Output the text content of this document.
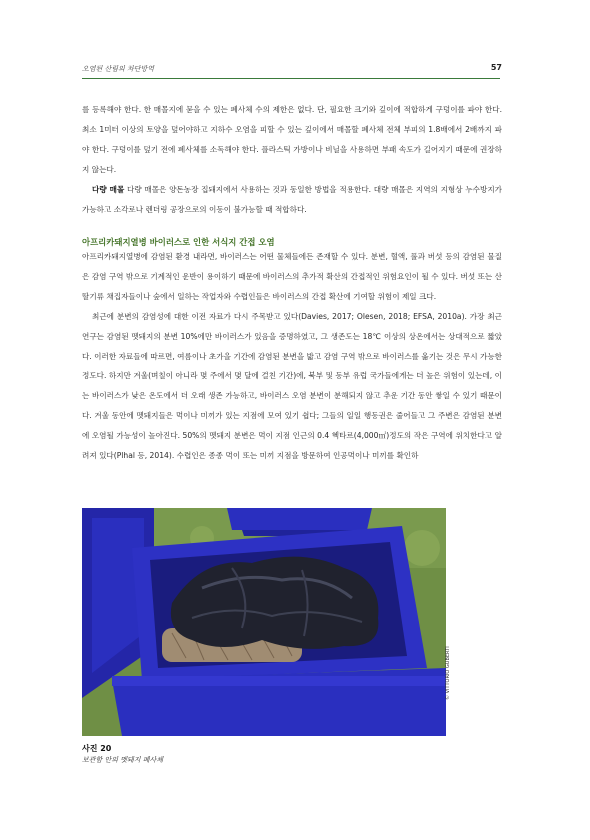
오염된 산림의 차단방역	57

를 등록해야 한다. 한 매몰지에 묻을 수 있는 폐사체 수의 제한은 없다. 단, 필요한 크기와 깊이에 적합하게 구덩이를 파야 한다. 최소 1미터 이상의 토양을 덮어야하고 지하수 오염을 피할 수 있는 깊이에서 매몰할 폐사체 전체 부피의 1.8배에서 2배까지 파야 한다. 구덩이를 덮기 전에 폐사체를 소독해야 한다. 플라스틱 가방이나 비닐을 사용하면 부패 속도가 길어지기 때문에 권장하지 않는다.

다량 매몰 다량 매몰은 양돈농장 집돼지에서 사용하는 것과 동일한 방법을 적용한다. 대량 매몰은 지역의 지형상 누수방지가 가능하고 소각로나 렌더링 공장으로의 이동이 불가능할 때 적합하다.

아프리카돼지열병 바이러스로 인한 서식지 간접 오염

아프리카돼지열병에 감염된 환경 내라면, 바이러스는 어떤 물체들에든 존재할 수 있다. 분변, 혈액, 풀과 버섯 등의 감염된 물질은 감염 구역 밖으로 기계적인 운반이 용이하기 때문에 바이러스의 추가적 확산의 간접적인 위험요인이 될 수 있다. 버섯 또는 산딸기류 채집자들이나 숲에서 일하는 작업자와 수렵인들은 바이러스의 간접 확산에 기여할 위험이 제일 크다.

최근에 분변의 감염성에 대한 이전 자료가 다시 주목받고 있다(Davies, 2017; Olesen, 2018; EFSA, 2010a). 가장 최근 연구는 감염된 멧돼지의 분변 10%에만 바이러스가 있음을 증명하였고, 그 생존도는 18℃ 이상의 상온에서는 상대적으로 짧았다. 이러한 자료들에 따르면, 여름이나 초가을 기간에 감염된 분변을 밟고 감염 구역 밖으로 바이러스를 옮기는 것은 무시 가능한 정도다. 하지만 겨울(며칠이 아니라 몇 주에서 몇 달에 걸친 기간)에, 북부 및 동부 유럽 국가들에게는 더 높은 위험이 있는데, 이는 바이러스가 낮은 온도에서 더 오래 생존 가능하고, 바이러스 오염 분변이 분해되지 않고 추운 기간 동안 쌓일 수 있기 때문이다. 겨울 동안에 멧돼지들은 먹이나 미끼가 있는 지점에 모여 있기 쉽다; 그들의 일일 행동권은 줄어들고 그 주변은 감염된 분변에 오염될 가능성이 높아진다. 50%의 멧돼지 분변은 먹이 지점 인근의 0.4 헥타르(4,000㎡)정도의 작은 구역에 위치한다고 알려져 있다(Plhal 등, 2014). 수렵인은 종종 먹이 또는 미끼 지점을 방문하여 인공먹이나 미끼를 확인하

© VITTORIO GUBERTI
사진 20
보관함 안의 멧돼지 폐사체
